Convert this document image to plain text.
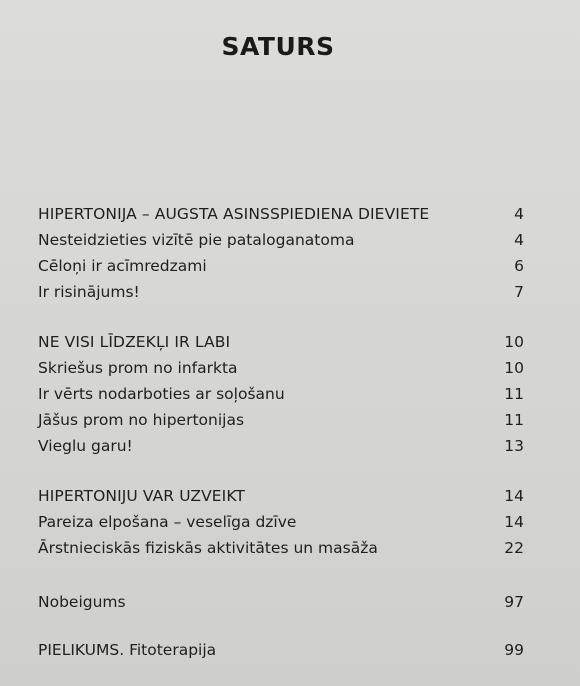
SATURS
HIPERTONIJA – AUGSTA ASINSSPIEDIENA DIEVIETE	4
Nesteidzieties vizītē pie pataloganatoma	4
Cēloņi ir acīmredzami	6
Ir risinājums!	7
NE VISI LĪDZEKĻI IR LABI	10
Skriešus prom no infarkta	10
Ir vērts nodarboties ar soļošanu	11
Jāšus prom no hipertonijas	11
Vieglu garu!	13
HIPERTONIJU VAR UZVEIKT	14
Pareiza elpošana – veselīga dzīve	14
Ārstnieciskās fiziskās aktivitātes un masāža	22
Nobeigums	97
PIELIKUMS. Fitoterapija	99
